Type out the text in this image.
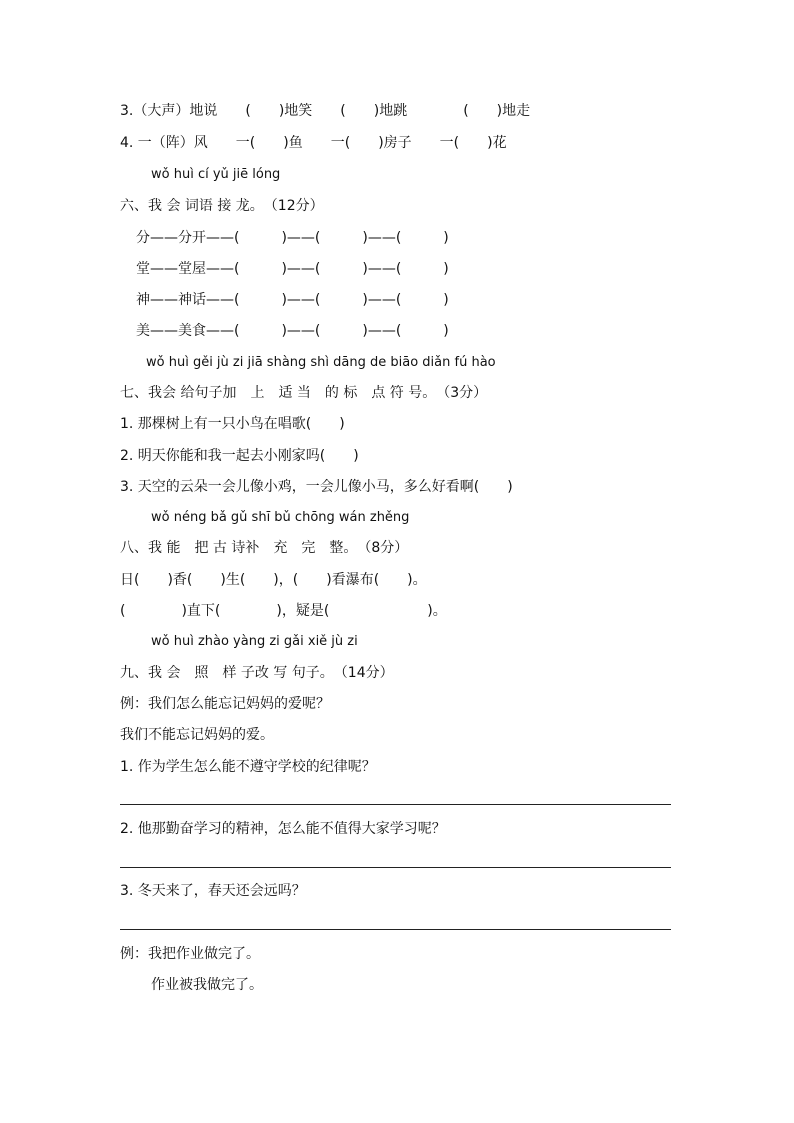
3.（大声）地说　　(　　)地笑　　(　　)地跳　　　　(　　)地走
4. 一（阵）风　　一(　　)鱼　　一(　　)房子　　一(　　)花
wǒ huì cí yǔ jiē lóng
六、我 会 词语 接 龙。　（12分）
分——分开——(　　　)——(　　　)——(　　　)
堂——堂屋——(　　　)——(　　　)——(　　　)
神——神话——(　　　)——(　　　)——(　　　)
美——美食——(　　　)——(　　　)——(　　　)
wǒ huì gěi jù zi jiā shàng shì dāng de biāo diǎn fú hào
七、我会 给句子加　上　适 当　的 标　点 符 号。　（3分）
1. 那棵树上有一只小鸟在唱歌(　　)
2. 明天你能和我一起去小刚家吗(　　)
3. 天空的云朵一会儿像小鸡，一会儿像小马，多么好看啊(　　)
wǒ néng bǎ gǔ shī bǔ chōng wán zhěng
八、我 能　把 古 诗补　充　完　整。　（8分）
日(　　)香(　　)生(　　)，(　　)看瀑布(　　)。
(　　　　)直下(　　　　)，疑是(　　　　　　　)。
wǒ huì zhào yàng zi gǎi xiě jù zi
九、我 会　照　样 子改 写 句子。　（14分）
例：我们怎么能忘记妈妈的爱呢？
我们不能忘记妈妈的爱。
1. 作为学生怎么能不遵守学校的纪律呢？
2. 他那勤奋学习的精神，怎么能不值得大家学习呢？
3. 冬天来了，春天还会远吗？
例：我把作业做完了。
作业被我做完了。
